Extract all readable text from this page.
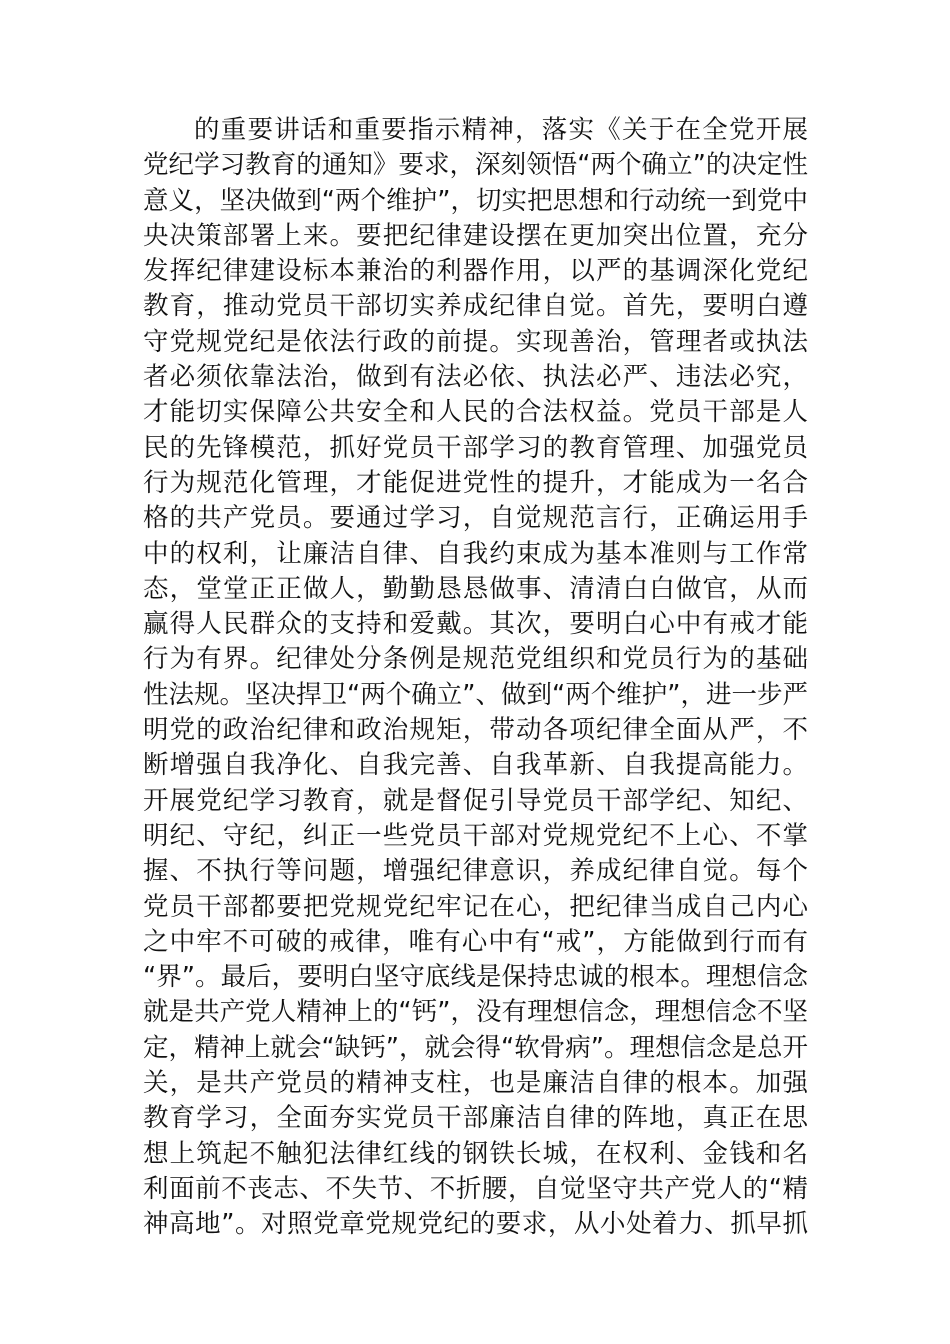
的重要讲话和重要指示精神，落实《关于在全党开展
党纪学习教育的通知》要求，深刻领悟“两个确立”的决定性
意义，坚决做到“两个维护”，切实把思想和行动统一到党中
央决策部署上来。要把纪律建设摆在更加突出位置，充分
发挥纪律建设标本兼治的利器作用，以严的基调深化党纪
教育，推动党员干部切实养成纪律自觉。首先，要明白遵
守党规党纪是依法行政的前提。实现善治，管理者或执法
者必须依靠法治，做到有法必依、执法必严、违法必究，
才能切实保障公共安全和人民的合法权益。党员干部是人
民的先锋模范，抓好党员干部学习的教育管理、加强党员
行为规范化管理，才能促进党性的提升，才能成为一名合
格的共产党员。要通过学习，自觉规范言行，正确运用手
中的权利，让廉洁自律、自我约束成为基本准则与工作常
态，堂堂正正做人，勤勤恳恳做事、清清白白做官，从而
赢得人民群众的支持和爱戴。其次，要明白心中有戒才能
行为有界。纪律处分条例是规范党组织和党员行为的基础
性法规。坚决捍卫“两个确立”、做到“两个维护”，进一步严
明党的政治纪律和政治规矩，带动各项纪律全面从严，不
断增强自我净化、自我完善、自我革新、自我提高能力。
开展党纪学习教育，就是督促引导党员干部学纪、知纪、
明纪、守纪，纠正一些党员干部对党规党纪不上心、不掌
握、不执行等问题，增强纪律意识，养成纪律自觉。每个
党员干部都要把党规党纪牢记在心，把纪律当成自己内心
之中牢不可破的戒律，唯有心中有“戒”，方能做到行而有
“界”。最后，要明白坚守底线是保持忠诚的根本。理想信念
就是共产党人精神上的“钙”，没有理想信念，理想信念不坚
定，精神上就会“缺钙”，就会得“软骨病”。理想信念是总开
关，是共产党员的精神支柱，也是廉洁自律的根本。加强
教育学习，全面夯实党员干部廉洁自律的阵地，真正在思
想上筑起不触犯法律红线的钢铁长城，在权利、金钱和名
利面前不丧志、不失节、不折腰，自觉坚守共产党人的“精
神高地”。对照党章党规党纪的要求，从小处着力、抓早抓
